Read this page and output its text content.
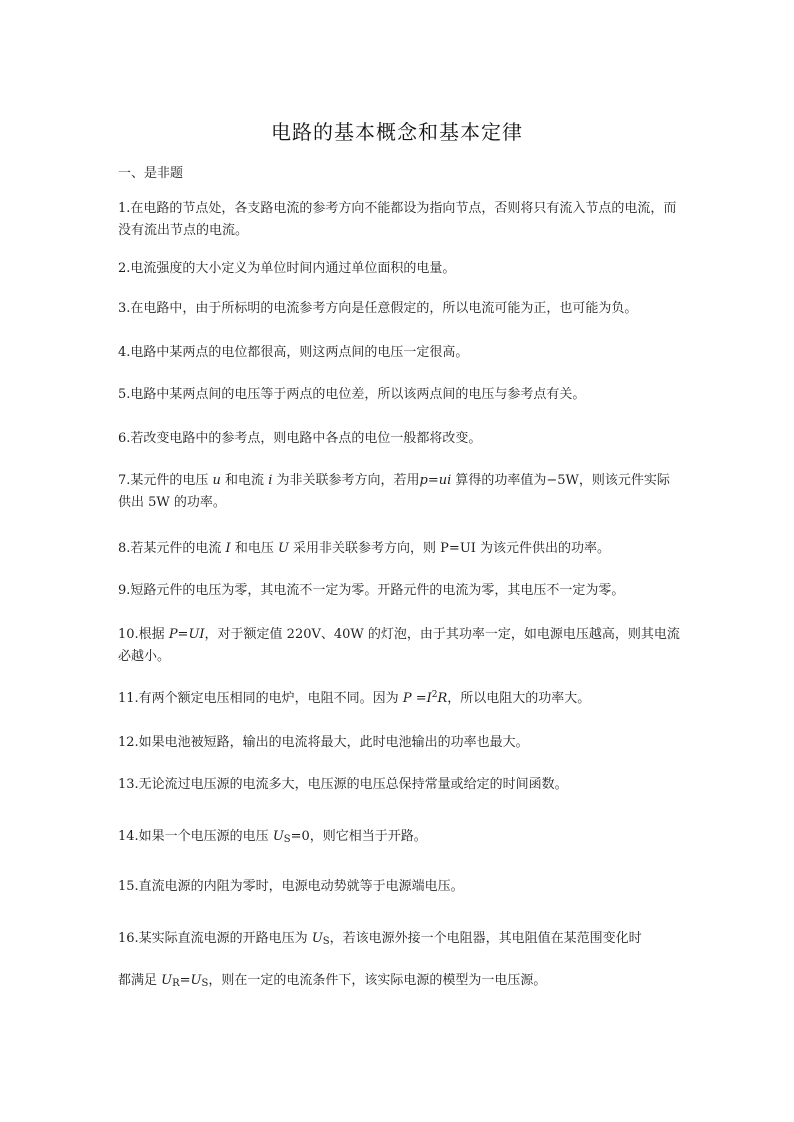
电路的基本概念和基本定律
一、是非题
1.在电路的节点处，各支路电流的参考方向不能都设为指向节点，否则将只有流入节点的电流，而没有流出节点的电流。
2.电流强度的大小定义为单位时间内通过单位面积的电量。
3.在电路中，由于所标明的电流参考方向是任意假定的，所以电流可能为正，也可能为负。
4.电路中某两点的电位都很高，则这两点间的电压一定很高。
5.电路中某两点间的电压等于两点的电位差，所以该两点间的电压与参考点有关。
6.若改变电路中的参考点，则电路中各点的电位一般都将改变。
7.某元件的电压 u 和电流 i 为非关联参考方向，若用p=ui 算得的功率值为−5W，则该元件实际供出 5W 的功率。
8.若某元件的电流 I 和电压 U 采用非关联参考方向，则 P=UI 为该元件供出的功率。
9.短路元件的电压为零，其电流不一定为零。开路元件的电流为零，其电压不一定为零。
10.根据 P=UI，对于额定值 220V、40W 的灯泡，由于其功率一定，如电源电压越高，则其电流必越小。
11.有两个额定电压相同的电炉，电阻不同。因为 $P =I^2R$，所以电阻大的功率大。
12.如果电池被短路，输出的电流将最大，此时电池输出的功率也最大。
13.无论流过电压源的电流多大，电压源的电压总保持常量或给定的时间函数。
14.如果一个电压源的电压 $U_S=0$，则它相当于开路。
15.直流电源的内阻为零时，电源电动势就等于电源端电压。
16.某实际直流电源的开路电压为 $U_S$，若该电源外接一个电阻器，其电阻值在某范围变化时
都满足 $U_R=U_S$，则在一定的电流条件下，该实际电源的模型为一电压源。
